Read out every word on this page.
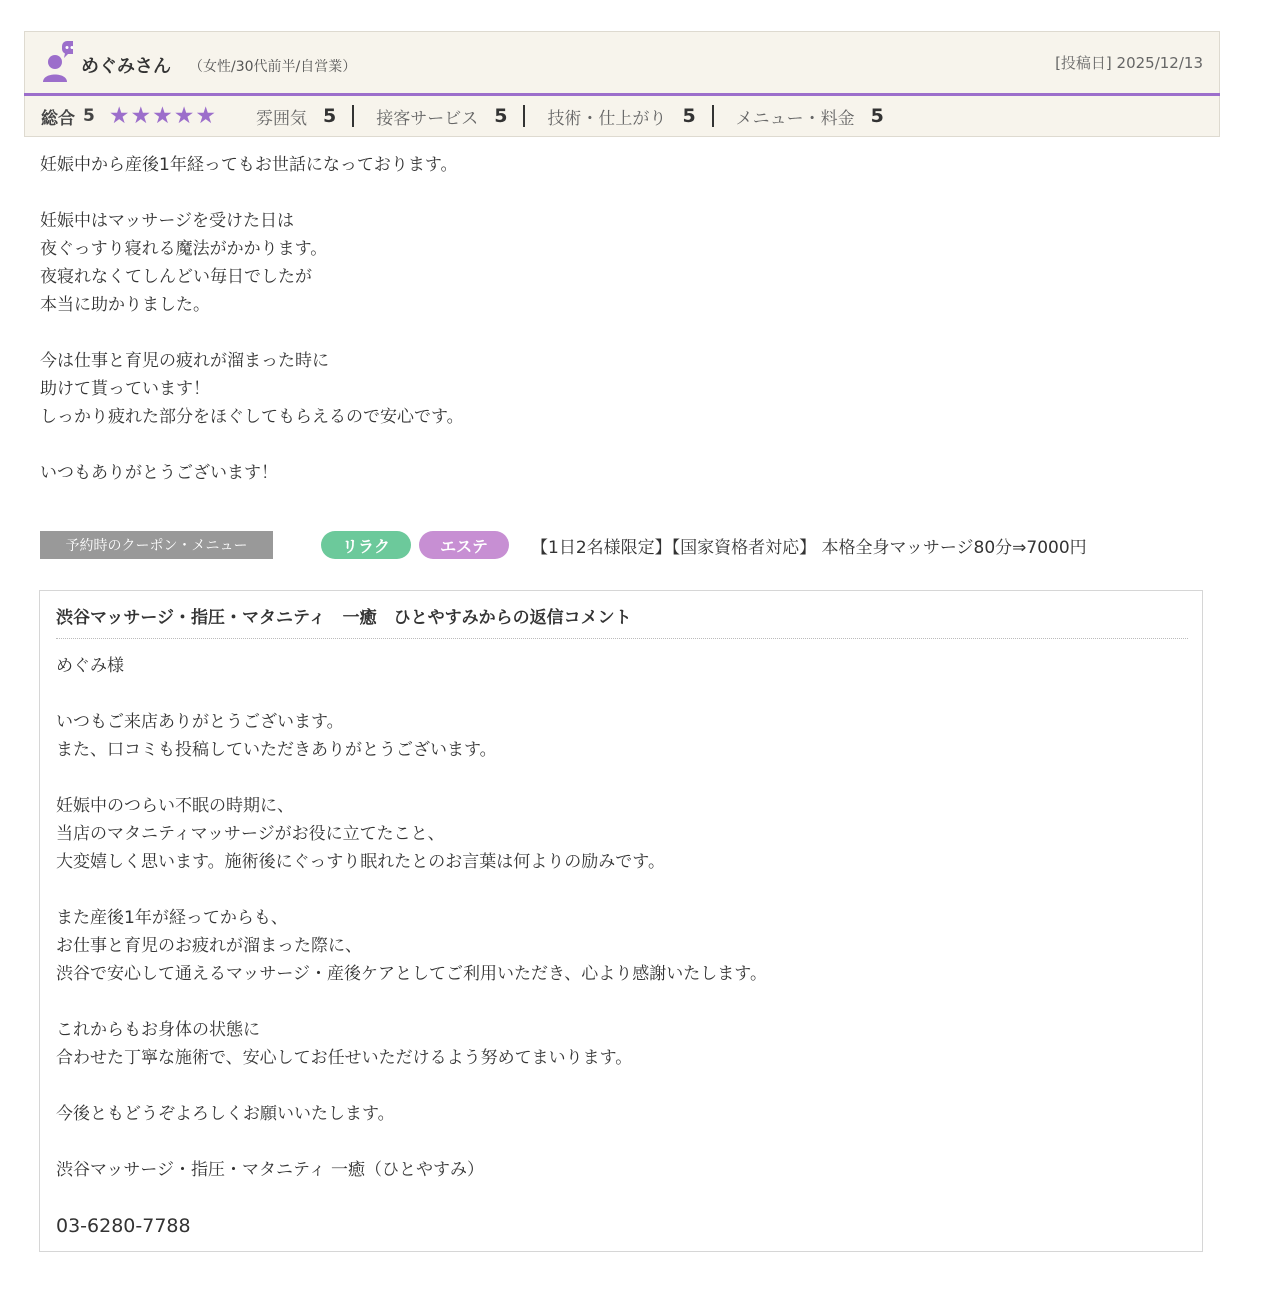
めぐみさん （女性/30代前半/自営業）	[投稿日] 2025/12/13
総合 5 ★ ★ ★ ★ ★ 雰囲気 5 接客サービス 5 技術・仕上がり 5 メニュー・料金 5
妊娠中から産後1年経ってもお世話になっております。

妊娠中はマッサージを受けた日は
夜ぐっすり寝れる魔法がかかります。
夜寝れなくてしんどい毎日でしたが
本当に助かりました。

今は仕事と育児の疲れが溜まった時に
助けて貰っています！
しっかり疲れた部分をほぐしてもらえるので安心です。

いつもありがとうございます！
予約時のクーポン・メニュー	リラク	エステ	【1日2名様限定】【国家資格者対応】 本格全身マッサージ80分⇒7000円
渋谷マッサージ・指圧・マタニティ　一癒　ひとやすみからの返信コメント
めぐみ様

いつもご来店ありがとうございます。
また、口コミも投稿していただきありがとうございます。

妊娠中のつらい不眠の時期に、
当店のマタニティマッサージがお役に立てたこと、
大変嬉しく思います。施術後にぐっすり眠れたとのお言葉は何よりの励みです。

また産後1年が経ってからも、
お仕事と育児のお疲れが溜まった際に、
渋谷で安心して通えるマッサージ・産後ケアとしてご利用いただき、心より感謝いたします。

これからもお身体の状態に
合わせた丁寧な施術で、安心してお任せいただけるよう努めてまいります。

今後ともどうぞよろしくお願いいたします。

渋谷マッサージ・指圧・マタニティ 一癒（ひとやすみ）
03-6280-7788
